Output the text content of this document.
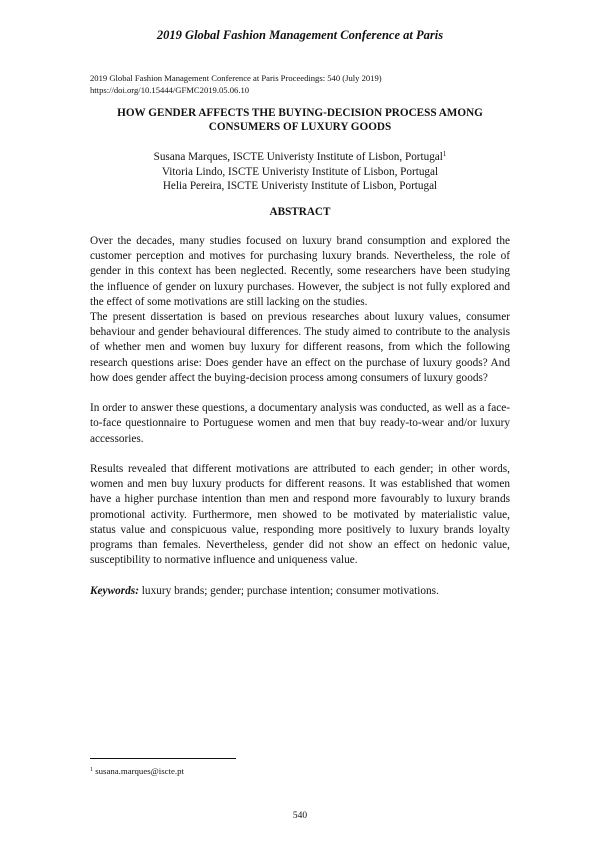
2019 Global Fashion Management Conference at Paris
2019 Global Fashion Management Conference at Paris Proceedings: 540 (July 2019)
https://doi.org/10.15444/GFMC2019.05.06.10
HOW GENDER AFFECTS THE BUYING-DECISION PROCESS AMONG CONSUMERS OF LUXURY GOODS
Susana Marques, ISCTE Univeristy Institute of Lisbon, Portugal$^1$
Vitoria Lindo, ISCTE Univeristy Institute of Lisbon, Portugal
Helia Pereira, ISCTE Univeristy Institute of Lisbon, Portugal
ABSTRACT

Over the decades, many studies focused on luxury brand consumption and explored the customer perception and motives for purchasing luxury brands. Nevertheless, the role of gender in this context has been neglected. Recently, some researchers have been studying the influence of gender on luxury purchases. However, the subject is not fully explored and the effect of some motivations are still lacking on the studies.

The present dissertation is based on previous researches about luxury values, consumer behaviour and gender behavioural differences. The study aimed to contribute to the analysis of whether men and women buy luxury for different reasons, from which the following research questions arise: Does gender have an effect on the purchase of luxury goods? And how does gender affect the buying-decision process among consumers of luxury goods?

In order to answer these questions, a documentary analysis was conducted, as well as a face-to-face questionnaire to Portuguese women and men that buy ready-to-wear and/or luxury accessories.

Results revealed that different motivations are attributed to each gender; in other words, women and men buy luxury products for different reasons. It was established that women have a higher purchase intention than men and respond more favourably to luxury brands promotional activity. Furthermore, men showed to be motivated by materialistic value, status value and conspicuous value, responding more positively to luxury brands loyalty programs than females. Nevertheless, gender did not show an effect on hedonic value, susceptibility to normative influence and uniqueness value.

Keywords: luxury brands; gender; purchase intention; consumer motivations.

$^1$ susana.marques@iscte.pt
540
